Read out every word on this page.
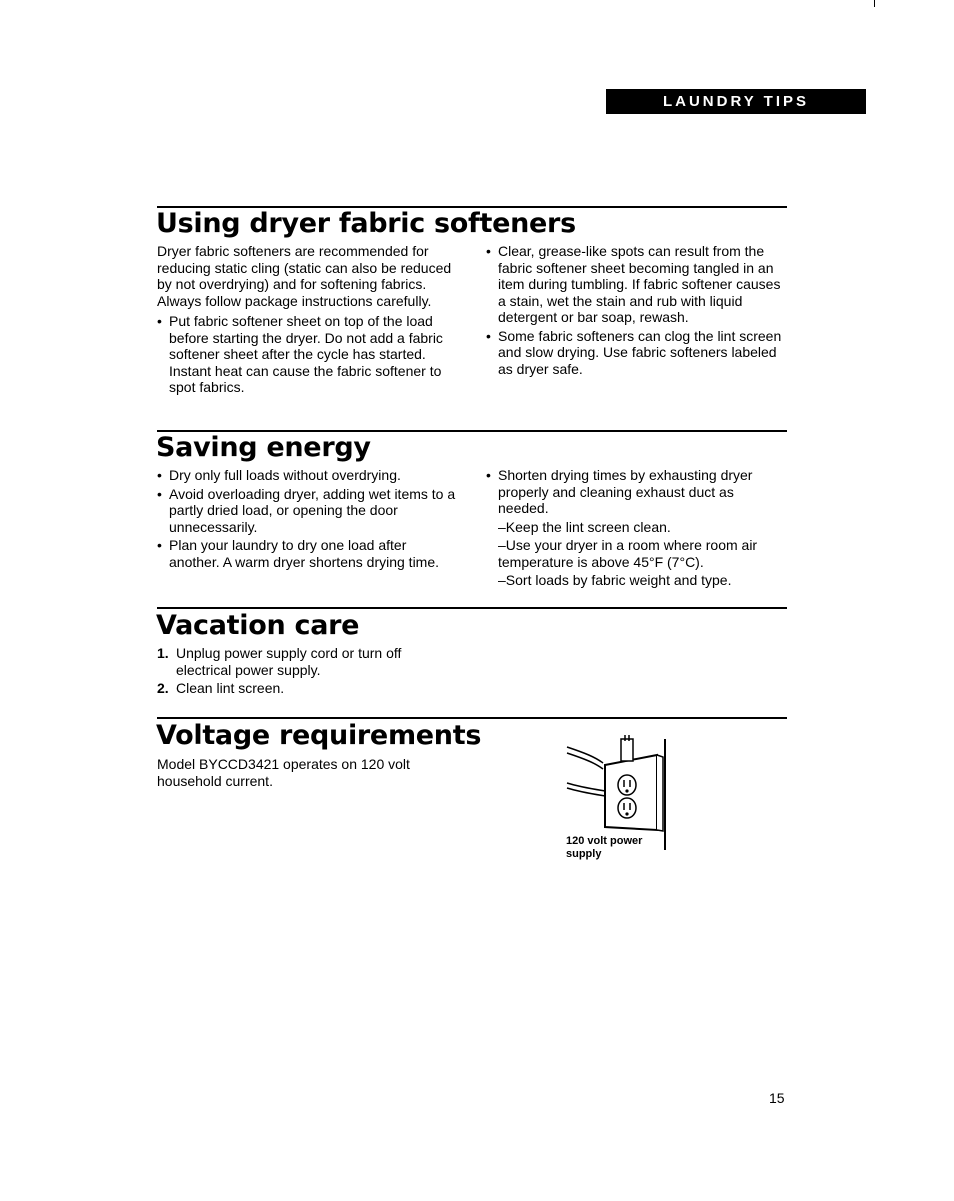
LAUNDRY TIPS
Using dryer fabric softeners

Dryer fabric softeners are recommended for reducing static cling (static can also be reduced by not overdrying) and for softening fabrics. Always follow package instructions carefully.

• Put fabric softener sheet on top of the load before starting the dryer. Do not add a fabric softener sheet after the cycle has started. Instant heat can cause the fabric softener to spot fabrics.
• Clear, grease-like spots can result from the fabric softener sheet becoming tangled in an item during tumbling. If fabric softener causes a stain, wet the stain and rub with liquid detergent or bar soap, rewash.
• Some fabric softeners can clog the lint screen and slow drying. Use fabric softeners labeled as dryer safe.
Saving energy
• Dry only full loads without overdrying.
• Avoid overloading dryer, adding wet items to a partly dried load, or opening the door unnecessarily.
• Plan your laundry to dry one load after another. A warm dryer shortens drying time.
• Shorten drying times by exhausting dryer properly and cleaning exhaust duct as needed.
–Keep the lint screen clean.
–Use your dryer in a room where room air temperature is above 45°F (7°C).
–Sort loads by fabric weight and type.
Vacation care
1. Unplug power supply cord or turn off electrical power supply.
2. Clean lint screen.
Voltage requirements

Model BYCCD3421 operates on 120 volt household current.

120 volt power supply
15
